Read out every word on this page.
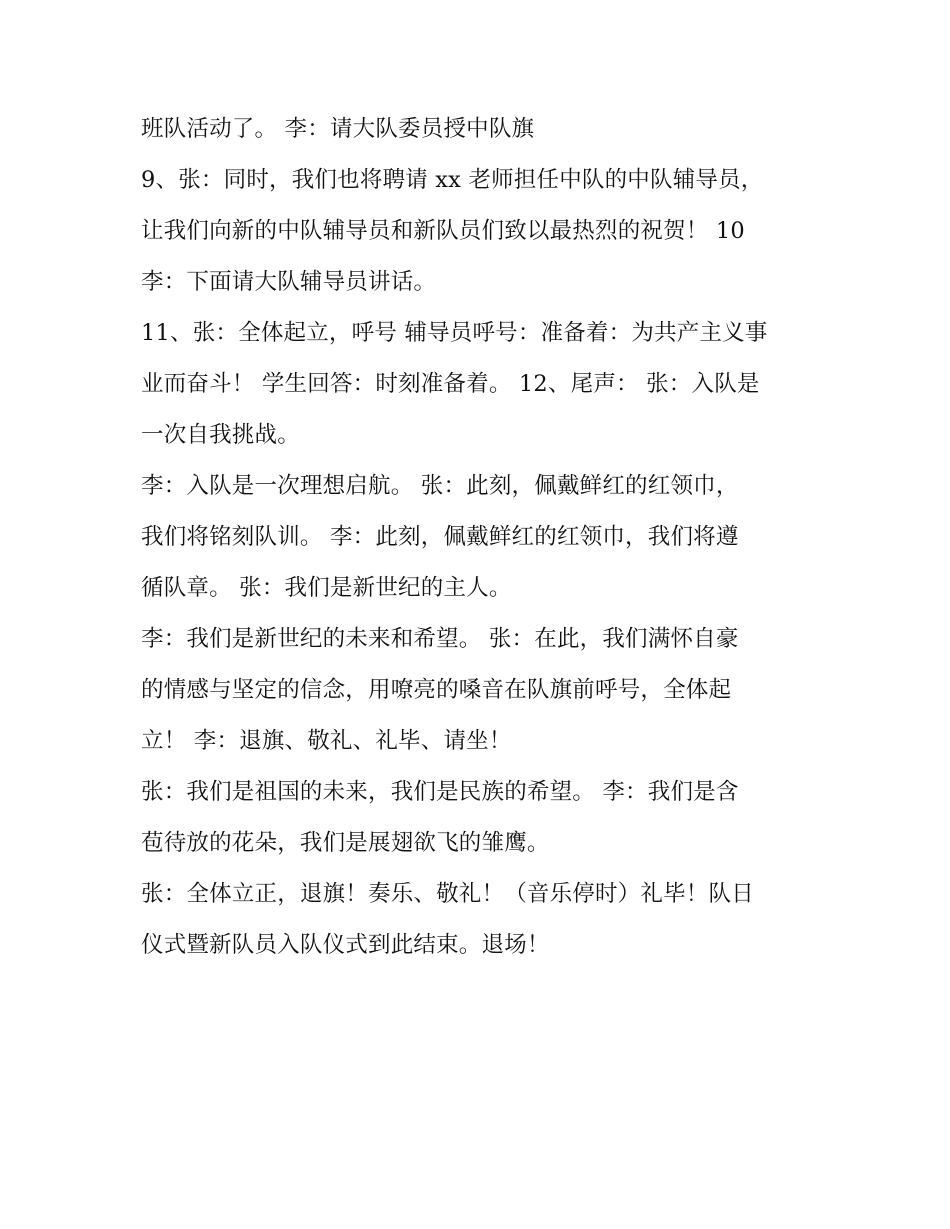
班队活动了。 李：请大队委员授中队旗
9、张：同时，我们也将聘请 xx 老师担任中队的中队辅导员，
让我们向新的中队辅导员和新队员们致以最热烈的祝贺！ 10
李：下面请大队辅导员讲话。
11、张：全体起立，呼号 辅导员呼号：准备着：为共产主义事
业而奋斗！ 学生回答：时刻准备着。 12、尾声： 张：入队是
一次自我挑战。
李：入队是一次理想启航。 张：此刻，佩戴鲜红的红领巾，
我们将铭刻队训。 李：此刻，佩戴鲜红的红领巾，我们将遵
循队章。 张：我们是新世纪的主人。
李：我们是新世纪的未来和希望。 张：在此，我们满怀自豪
的情感与坚定的信念，用嘹亮的嗓音在队旗前呼号，全体起
立！ 李：退旗、敬礼、礼毕、请坐！
张：我们是祖国的未来，我们是民族的希望。 李：我们是含
苞待放的花朵，我们是展翅欲飞的雏鹰。
张：全体立正，退旗！奏乐、敬礼！（音乐停时）礼毕！队日
仪式暨新队员入队仪式到此结束。退场！
